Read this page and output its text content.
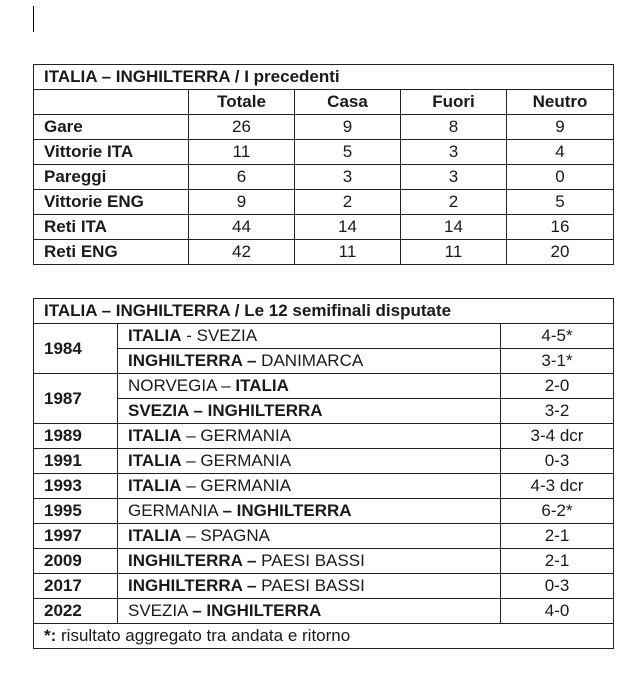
ITALIA – INGHILTERRA / I precedenti				
	Totale	Casa	Fuori	Neutro
Gare	26	9	8	9
Vittorie ITA	11	5	3	4
Pareggi	6	3	3	0
Vittorie ENG	9	2	2	5
Reti ITA	44	14	14	16
Reti ENG	42	11	11	20
ITALIA – INGHILTERRA / Le 12 semifinali disputate		
1984	ITALIA - SVEZIA	4-5*
	INGHILTERRA – DANIMARCA	3-1*
1987	NORVEGIA – ITALIA	2-0
	SVEZIA – INGHILTERRA	3-2
1989	ITALIA – GERMANIA	3-4 dcr
1991	ITALIA – GERMANIA	0-3
1993	ITALIA – GERMANIA	4-3 dcr
1995	GERMANIA – INGHILTERRA	6-2*
1997	ITALIA – SPAGNA	2-1
2009	INGHILTERRA – PAESI BASSI	2-1
2017	INGHILTERRA – PAESI BASSI	0-3
2022	SVEZIA – INGHILTERRA	4-0
*: risultato aggregato tra andata e ritorno		
